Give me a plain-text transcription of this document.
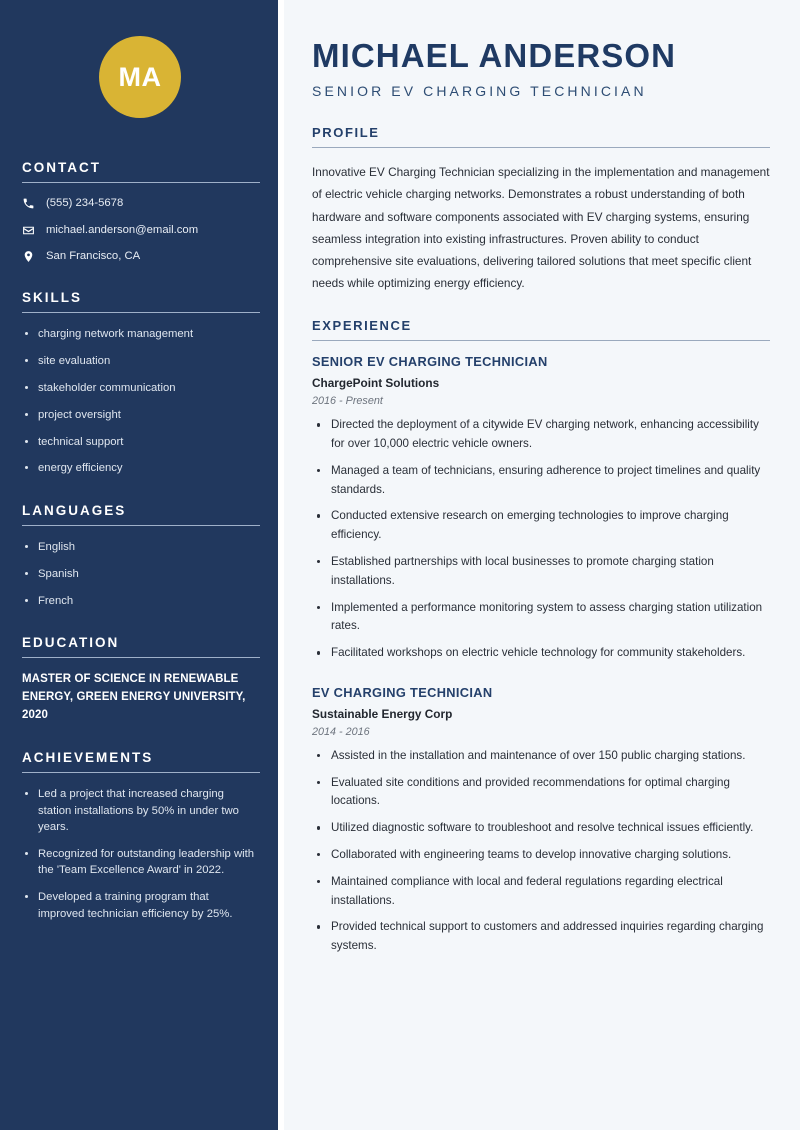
MA
CONTACT
(555) 234-5678
michael.anderson@email.com
San Francisco, CA
SKILLS
charging network management
site evaluation
stakeholder communication
project oversight
technical support
energy efficiency
LANGUAGES
English
Spanish
French
EDUCATION
MASTER OF SCIENCE IN RENEWABLE ENERGY, GREEN ENERGY UNIVERSITY, 2020
ACHIEVEMENTS
Led a project that increased charging station installations by 50% in under two years.
Recognized for outstanding leadership with the 'Team Excellence Award' in 2022.
Developed a training program that improved technician efficiency by 25%.
MICHAEL ANDERSON
SENIOR EV CHARGING TECHNICIAN
PROFILE

Innovative EV Charging Technician specializing in the implementation and management of electric vehicle charging networks. Demonstrates a robust understanding of both hardware and software components associated with EV charging systems, ensuring seamless integration into existing infrastructures. Proven ability to conduct comprehensive site evaluations, delivering tailored solutions that meet specific client needs while optimizing energy efficiency.

EXPERIENCE
SENIOR EV CHARGING TECHNICIAN
ChargePoint Solutions
2016 - Present
Directed the deployment of a citywide EV charging network, enhancing accessibility for over 10,000 electric vehicle owners.
Managed a team of technicians, ensuring adherence to project timelines and quality standards.
Conducted extensive research on emerging technologies to improve charging efficiency.
Established partnerships with local businesses to promote charging station installations.
Implemented a performance monitoring system to assess charging station utilization rates.
Facilitated workshops on electric vehicle technology for community stakeholders.
EV CHARGING TECHNICIAN
Sustainable Energy Corp
2014 - 2016
Assisted in the installation and maintenance of over 150 public charging stations.
Evaluated site conditions and provided recommendations for optimal charging locations.
Utilized diagnostic software to troubleshoot and resolve technical issues efficiently.
Collaborated with engineering teams to develop innovative charging solutions.
Maintained compliance with local and federal regulations regarding electrical installations.
Provided technical support to customers and addressed inquiries regarding charging systems.
